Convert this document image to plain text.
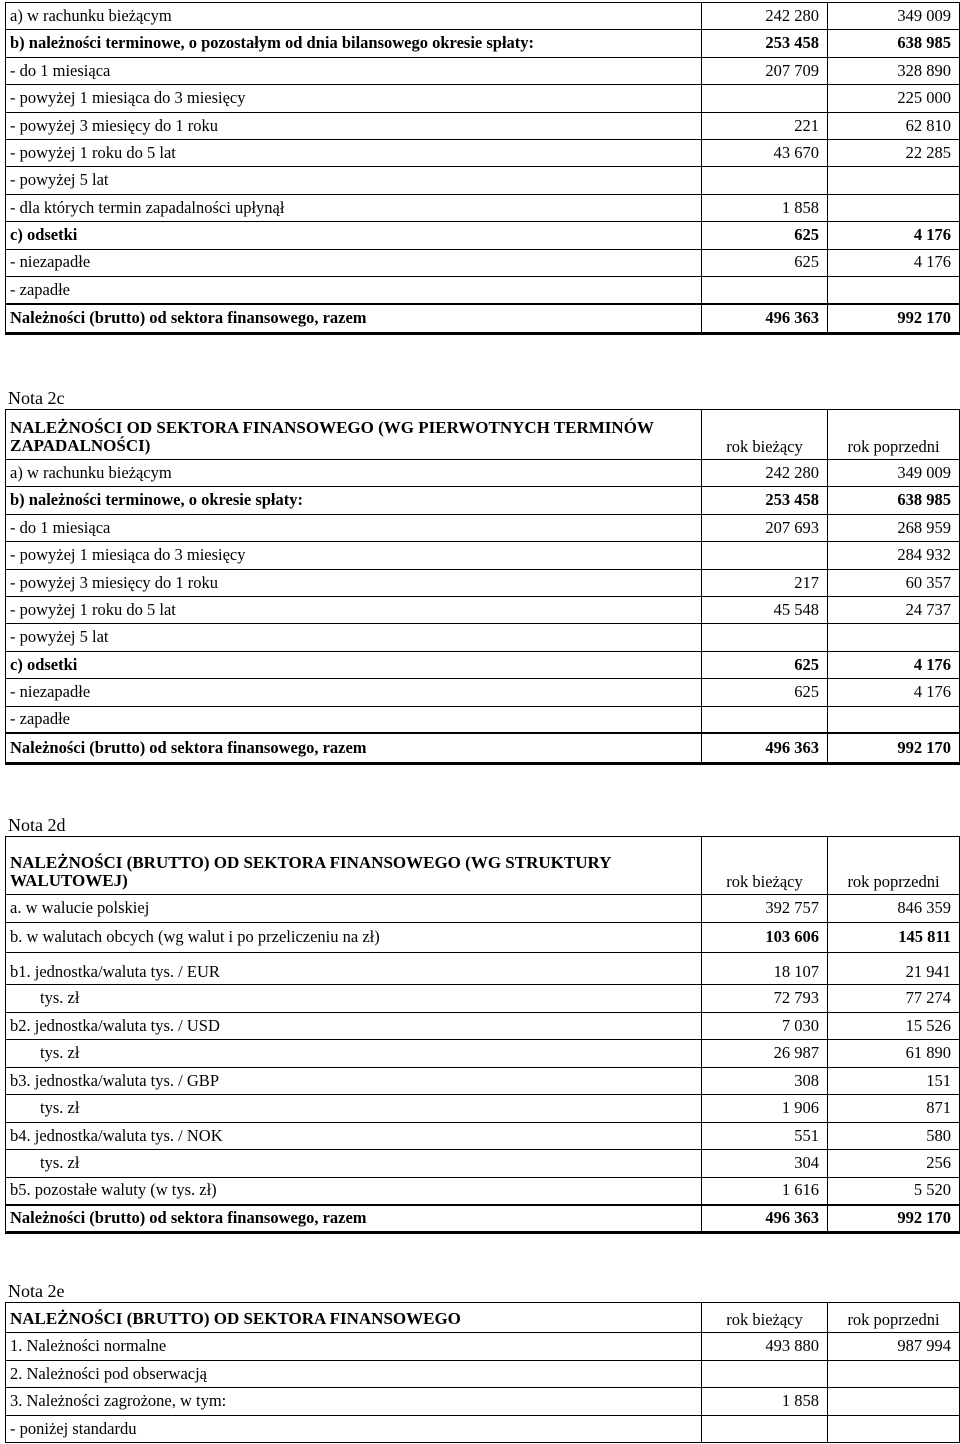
a) w rachunku bieżącym	242 280	349 009
b) należności terminowe, o pozostałym od dnia bilansowego okresie spłaty:	253 458	638 985
- do 1 miesiąca	207 709	328 890
- powyżej 1 miesiąca do 3 miesięcy		225 000
- powyżej 3 miesięcy do 1 roku	221	62 810
- powyżej 1 roku do 5 lat	43 670	22 285
- powyżej 5 lat		
- dla których termin zapadalności upłynął	1 858	
c) odsetki	625	4 176
- niezapadłe	625	4 176
- zapadłe		
Należności (brutto) od sektora finansowego, razem	496 363	992 170
Nota 2c
NALEŻNOŚCI OD SEKTORA FINANSOWEGO (WG PIERWOTNYCH TERMINÓW ZAPADALNOŚCI)	rok bieżący	rok poprzedni
a) w rachunku bieżącym	242 280	349 009
b) należności terminowe, o okresie spłaty:	253 458	638 985
- do 1 miesiąca	207 693	268 959
- powyżej 1 miesiąca do 3 miesięcy		284 932
- powyżej 3 miesięcy do 1 roku	217	60 357
- powyżej 1 roku do 5 lat	45 548	24 737
- powyżej 5 lat		
c) odsetki	625	4 176
- niezapadłe	625	4 176
- zapadłe		
Należności (brutto) od sektora finansowego, razem	496 363	992 170
Nota 2d
NALEŻNOŚCI (BRUTTO) OD SEKTORA FINANSOWEGO (WG STRUKTURY WALUTOWEJ)	rok bieżący	rok poprzedni
a. w walucie polskiej	392 757	846 359
b. w walutach obcych (wg walut i po przeliczeniu na zł)	103 606	145 811
b1. jednostka/waluta tys. / EUR	18 107	21 941
tys. zł	72 793	77 274
b2. jednostka/waluta tys. / USD	7 030	15 526
tys. zł	26 987	61 890
b3. jednostka/waluta tys. / GBP	308	151
tys. zł	1 906	871
b4. jednostka/waluta tys. / NOK	551	580
tys. zł	304	256
b5. pozostałe waluty (w tys. zł)	1 616	5 520
Należności (brutto) od sektora finansowego, razem	496 363	992 170
Nota 2e
NALEŻNOŚCI (BRUTTO) OD SEKTORA FINANSOWEGO	rok bieżący	rok poprzedni
1. Należności normalne	493 880	987 994
2. Należności pod obserwacją		
3. Należności zagrożone, w tym:	1 858	
- poniżej standardu		
